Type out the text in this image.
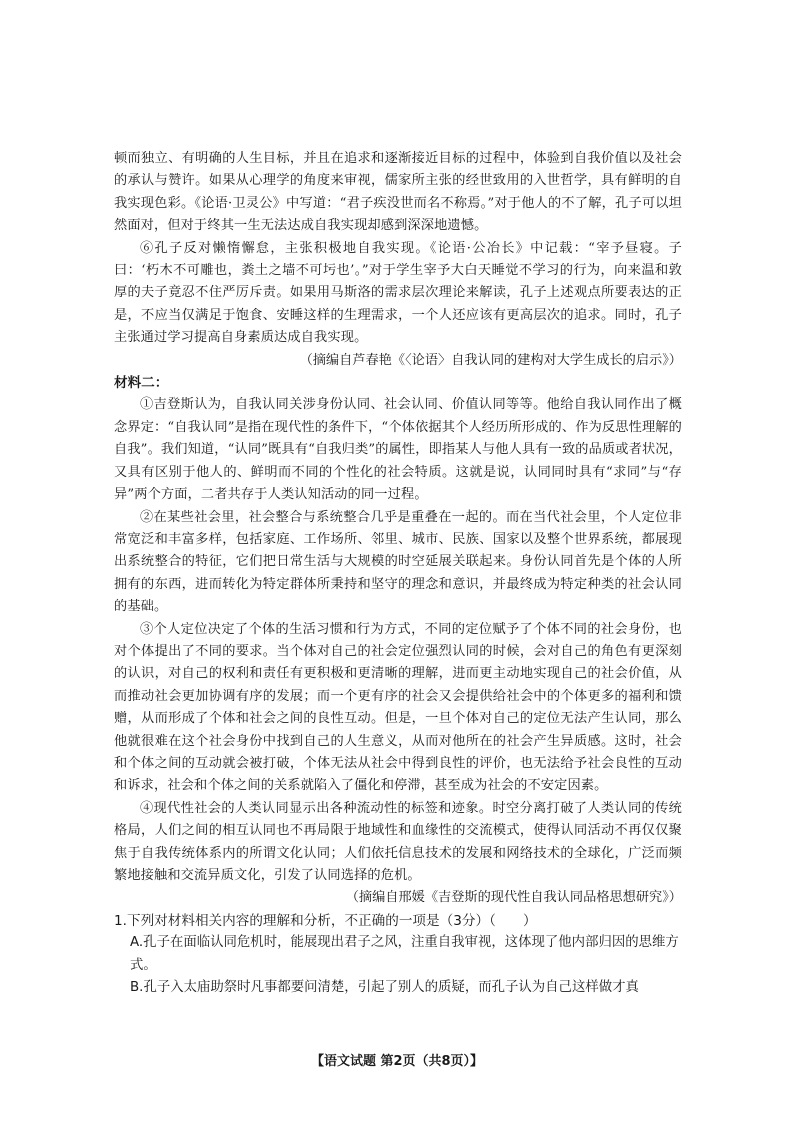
顿而独立、有明确的人生目标，并且在追求和逐渐接近目标的过程中，体验到自我价值以及社会的承认与赞许。如果从心理学的角度来审视，儒家所主张的经世致用的入世哲学，具有鲜明的自我实现色彩。《论语·卫灵公》中写道：“君子疾没世而名不称焉。”对于他人的不了解，孔子可以坦然面对，但对于终其一生无法达成自我实现却感到深深地遗憾。

⑥孔子反对懒惰懈怠，主张积极地自我实现。《论语·公冶长》中记载：“宰予昼寝。子曰：‘朽木不可雕也，粪土之墙不可圬也’。”对于学生宰予大白天睡觉不学习的行为，向来温和敦厚的夫子竟忍不住严厉斥责。如果用马斯洛的需求层次理论来解读，孔子上述观点所要表达的正是，不应当仅满足于饱食、安睡这样的生理需求，一个人还应该有更高层次的追求。同时，孔子主张通过学习提高自身素质达成自我实现。

（摘编自芦春艳《〈论语〉自我认同的建构对大学生成长的启示》）

材料二：

①吉登斯认为，自我认同关涉身份认同、社会认同、价值认同等等。他给自我认同作出了概念界定：“自我认同”是指在现代性的条件下，“个体依据其个人经历所形成的、作为反思性理解的自我”。我们知道，“认同”既具有“自我归类”的属性，即指某人与他人具有一致的品质或者状况，又具有区别于他人的、鲜明而不同的个性化的社会特质。这就是说，认同同时具有“求同”与“存异”两个方面，二者共存于人类认知活动的同一过程。

②在某些社会里，社会整合与系统整合几乎是重叠在一起的。而在当代社会里，个人定位非常宽泛和丰富多样，包括家庭、工作场所、邻里、城市、民族、国家以及整个世界系统，都展现出系统整合的特征，它们把日常生活与大规模的时空延展关联起来。身份认同首先是个体的人所拥有的东西，进而转化为特定群体所秉持和坚守的理念和意识，并最终成为特定种类的社会认同的基础。

③个人定位决定了个体的生活习惯和行为方式，不同的定位赋予了个体不同的社会身份，也对个体提出了不同的要求。当个体对自己的社会定位强烈认同的时候，会对自己的角色有更深刻的认识，对自己的权利和责任有更积极和更清晰的理解，进而更主动地实现自己的社会价值，从而推动社会更加协调有序的发展；而一个更有序的社会又会提供给社会中的个体更多的福利和馈赠，从而形成了个体和社会之间的良性互动。但是，一旦个体对自己的定位无法产生认同，那么他就很难在这个社会身份中找到自己的人生意义，从而对他所在的社会产生异质感。这时，社会和个体之间的互动就会被打破，个体无法从社会中得到良性的评价，也无法给予社会良性的互动和诉求，社会和个体之间的关系就陷入了僵化和停滞，甚至成为社会的不安定因素。

④现代性社会的人类认同显示出各种流动性的标签和迹象。时空分离打破了人类认同的传统格局，人们之间的相互认同也不再局限于地域性和血缘性的交流模式，使得认同活动不再仅仅聚焦于自我传统体系内的所谓文化认同；人们依托信息技术的发展和网络技术的全球化，广泛而频繁地接触和交流异质文化，引发了认同选择的危机。

（摘编自邢媛《吉登斯的现代性自我认同品格思想研究》）

1.下列对材料相关内容的理解和分析，不正确的一项是（3分）（　　）

A.孔子在面临认同危机时，能展现出君子之风，注重自我审视，这体现了他内部归因的思维方式。

B.孔子入太庙助祭时凡事都要问清楚，引起了别人的质疑，而孔子认为自己这样做才真

【语文试题 第2页（共8页）】
